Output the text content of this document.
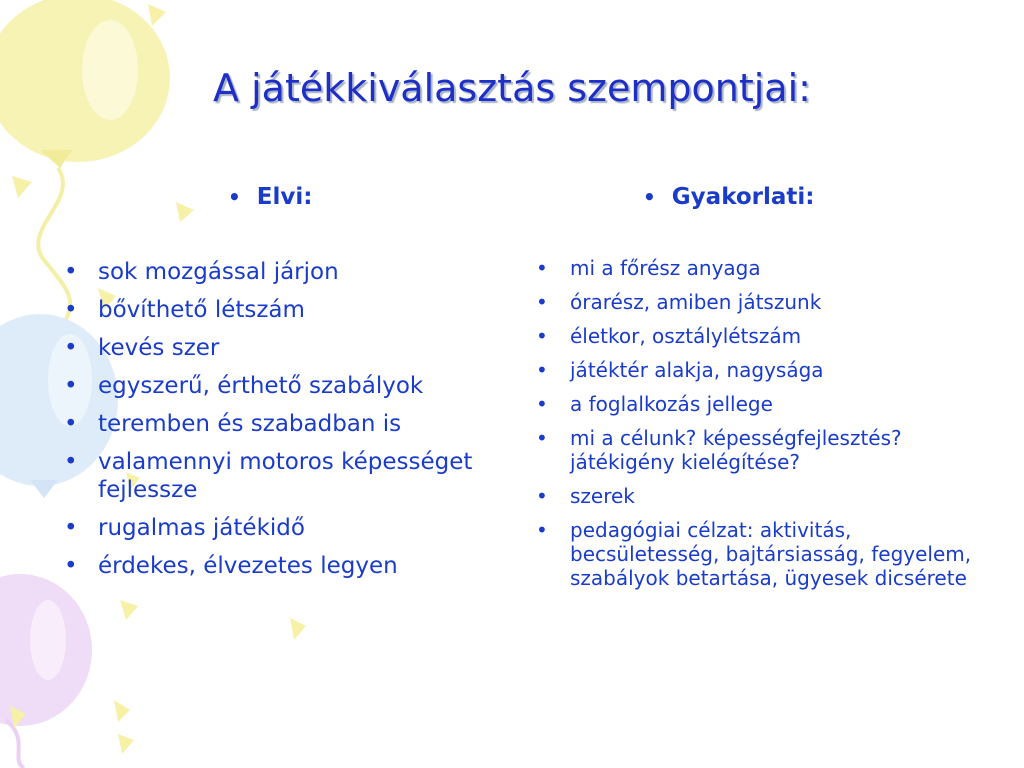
A játékkiválasztás szempontjai:
• Elvi:	• Gyakorlati:
• sok mozgással járjon
• bővíthető létszám
• kevés szer
• egyszerű, érthető szabályok
• teremben és szabadban is
• valamennyi motoros képességet fejlessze
• rugalmas játékidő
• érdekes, élvezetes legyen
• mi a főrész anyaga
• órarész, amiben játszunk
• életkor, osztálylétszám
• játéktér alakja, nagysága
• a foglalkozás jellege
• mi a célunk? képességfejlesztés? játékigény kielégítése?
• szerek
• pedagógiai célzat: aktivitás, becsületesség, bajtársiasság, fegyelem, szabályok betartása, ügyesek dicsérete
